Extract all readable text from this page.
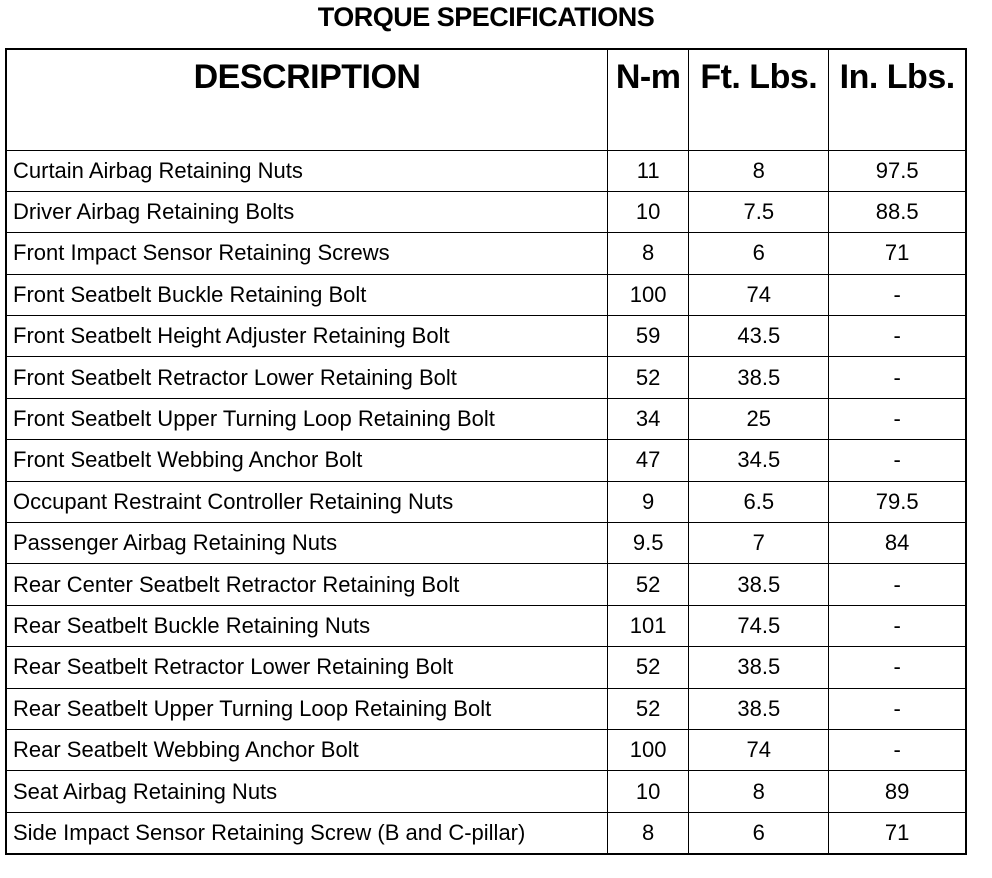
TORQUE SPECIFICATIONS
DESCRIPTION	N-m	Ft. Lbs.	In. Lbs.
Curtain Airbag Retaining Nuts	11	8	97.5
Driver Airbag Retaining Bolts	10	7.5	88.5
Front Impact Sensor Retaining Screws	8	6	71
Front Seatbelt Buckle Retaining Bolt	100	74	-
Front Seatbelt Height Adjuster Retaining Bolt	59	43.5	-
Front Seatbelt Retractor Lower Retaining Bolt	52	38.5	-
Front Seatbelt Upper Turning Loop Retaining Bolt	34	25	-
Front Seatbelt Webbing Anchor Bolt	47	34.5	-
Occupant Restraint Controller Retaining Nuts	9	6.5	79.5
Passenger Airbag Retaining Nuts	9.5	7	84
Rear Center Seatbelt Retractor Retaining Bolt	52	38.5	-
Rear Seatbelt Buckle Retaining Nuts	101	74.5	-
Rear Seatbelt Retractor Lower Retaining Bolt	52	38.5	-
Rear Seatbelt Upper Turning Loop Retaining Bolt	52	38.5	-
Rear Seatbelt Webbing Anchor Bolt	100	74	-
Seat Airbag Retaining Nuts	10	8	89
Side Impact Sensor Retaining Screw (B and C-pillar)	8	6	71
